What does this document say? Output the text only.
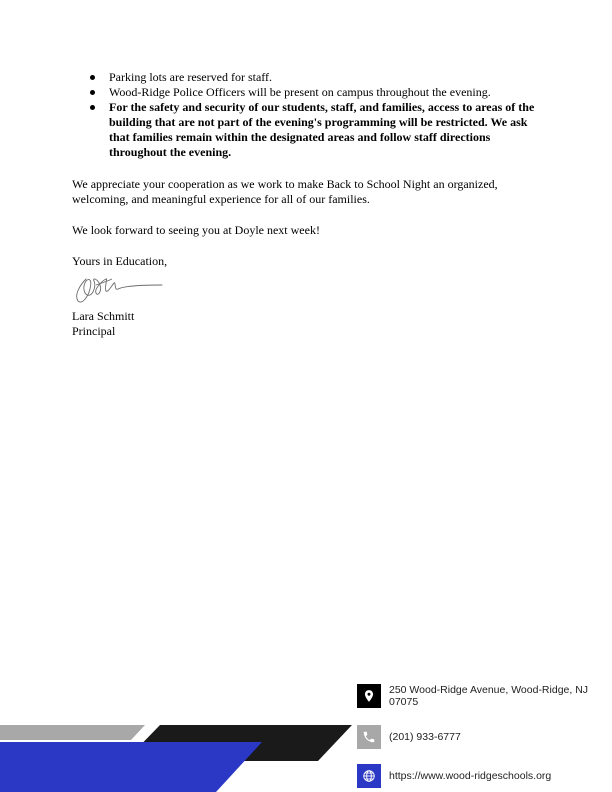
Parking lots are reserved for staff.
Wood-Ridge Police Officers will be present on campus throughout the evening.
For the safety and security of our students, staff, and families, access to areas of the building that are not part of the evening's programming will be restricted. We ask that families remain within the designated areas and follow staff directions throughout the evening.

We appreciate your cooperation as we work to make Back to School Night an organized, welcoming, and meaningful experience for all of our families.

We look forward to seeing you at Doyle next week!

Yours in Education,

Lara Schmitt

Principal

250 Wood-Ridge Avenue, Wood-Ridge, NJ 07075
(201) 933-6777
https://www.wood-ridgeschools.org
